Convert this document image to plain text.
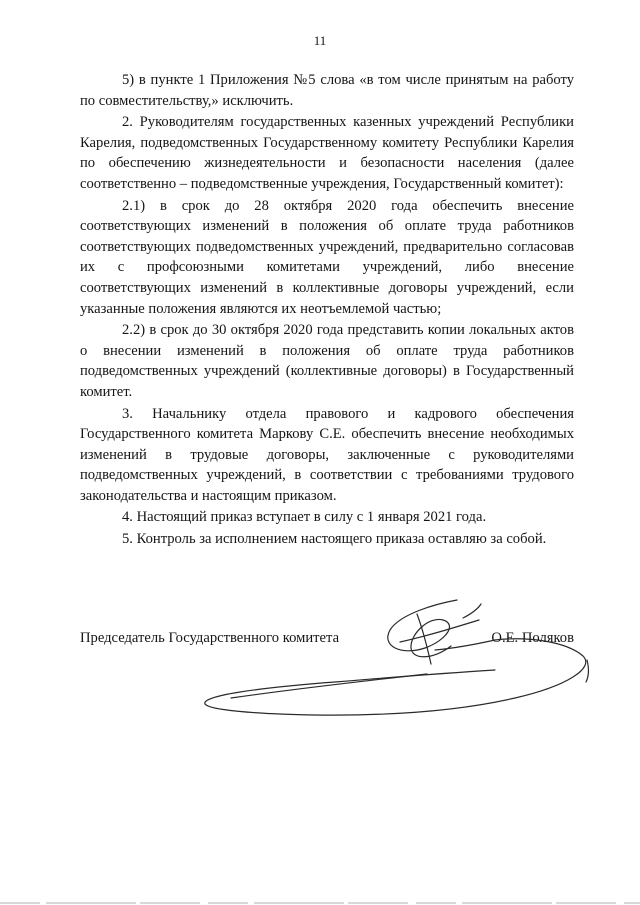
11

5) в пункте 1 Приложения №5 слова «в том числе принятым на работу по совместительству,» исключить.

2. Руководителям государственных казенных учреждений Республики Карелия, подведомственных Государственному комитету Республики Карелия по обеспечению жизнедеятельности и безопасности населения (далее соответственно – подведомственные учреждения, Государственный комитет):

2.1) в срок до 28 октября 2020 года обеспечить внесение соответствующих изменений в положения об оплате труда работников соответствующих подведомственных учреждений, предварительно согласовав их с профсоюзными комитетами учреждений, либо внесение соответствующих изменений в коллективные договоры учреждений, если указанные положения являются их неотъемлемой частью;

2.2) в срок до 30 октября 2020 года представить копии локальных актов о внесении изменений в положения об оплате труда работников подведомственных учреждений (коллективные договоры) в Государственный комитет.

3. Начальнику отдела правового и кадрового обеспечения Государственного комитета Маркову С.Е. обеспечить внесение необходимых изменений в трудовые договоры, заключенные с руководителями подведомственных учреждений, в соответствии с требованиями трудового законодательства и настоящим приказом.

4. Настоящий приказ вступает в силу с 1 января 2021 года.

5. Контроль за исполнением настоящего приказа оставляю за собой.

Председатель Государственного комитета	О.Е. Поляков
